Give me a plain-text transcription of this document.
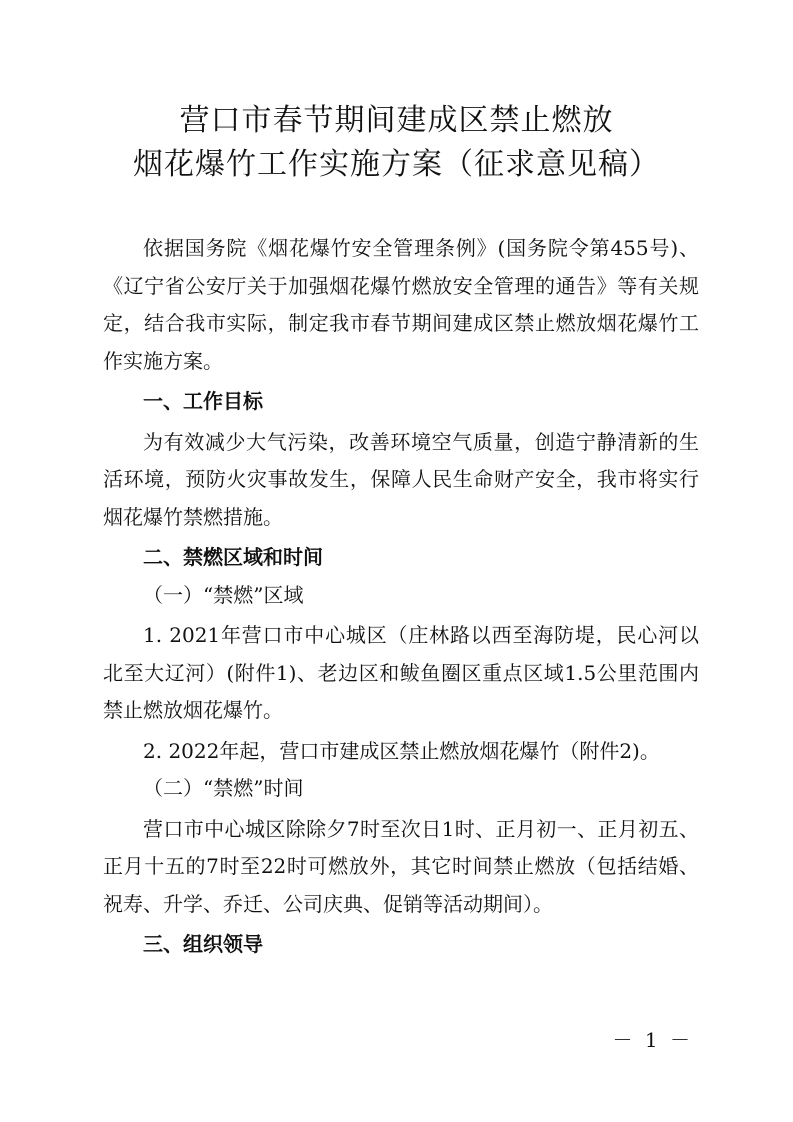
营口市春节期间建成区禁止燃放
烟花爆竹工作实施方案（征求意见稿）

依据国务院《烟花爆竹安全管理条例》(国务院令第455号)、《辽宁省公安厅关于加强烟花爆竹燃放安全管理的通告》等有关规定，结合我市实际，制定我市春节期间建成区禁止燃放烟花爆竹工作实施方案。

一、工作目标

为有效减少大气污染，改善环境空气质量，创造宁静清新的生活环境，预防火灾事故发生，保障人民生命财产安全，我市将实行烟花爆竹禁燃措施。

二、禁燃区域和时间

（一）“禁燃”区域

1. 2021年营口市中心城区（庄林路以西至海防堤，民心河以北至大辽河）(附件1)、老边区和鲅鱼圈区重点区域1.5公里范围内禁止燃放烟花爆竹。

2. 2022年起，营口市建成区禁止燃放烟花爆竹（附件2)。

（二）“禁燃”时间

营口市中心城区除除夕7时至次日1时、正月初一、正月初五、正月十五的7时至22时可燃放外，其它时间禁止燃放（包括结婚、祝寿、升学、乔迁、公司庆典、促销等活动期间）。

三、组织领导

－ 1 －
